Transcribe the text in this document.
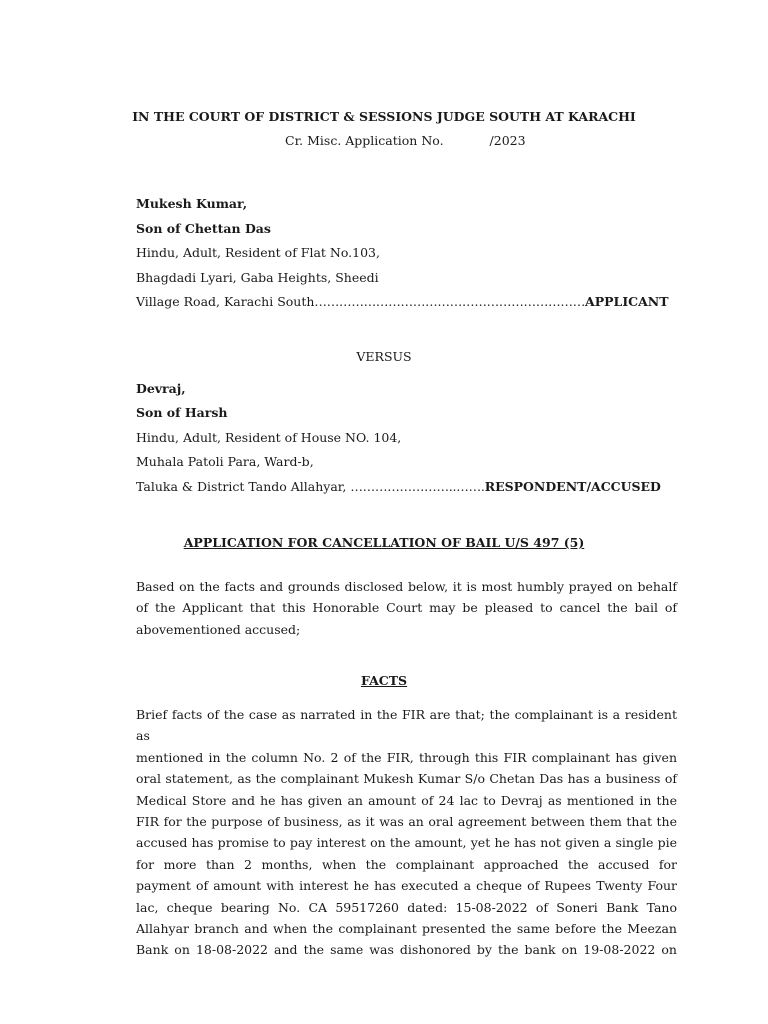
IN THE COURT OF DISTRICT & SESSIONS JUDGE SOUTH AT KARACHI
Cr. Misc. Application No.	/2023
Mukesh Kumar,
Son of Chettan Das
Hindu, Adult, Resident of Flat No.103,
Bhagdadi Lyari, Gaba Heights, Sheedi
Village Road, Karachi South…………………………………………………………APPLICANT
VERSUS
Devraj,
Son of Harsh
Hindu, Adult, Resident of House NO. 104,
Muhala Patoli Para, Ward-b,
Taluka & District Tando Allahyar, ……………………..…….RESPONDENT/ACCUSED
APPLICATION FOR CANCELLATION OF BAIL U/S 497 (5)
Based on the facts and grounds disclosed below, it is most humbly prayed on behalf
of the Applicant that this Honorable Court may be pleased to cancel the bail of
abovementioned accused;
FACTS
Brief facts of the case as narrated in the FIR are that; the complainant is a resident as
mentioned in the column No. 2 of the FIR, through this FIR complainant has given
oral statement, as the complainant Mukesh Kumar S/o Chetan Das has a business of
Medical Store and he has given an amount of 24 lac to Devraj as mentioned in the
FIR for the purpose of business, as it was an oral agreement between them that the
accused has promise to pay interest on the amount, yet he has not given a single pie
for more than 2 months, when the complainant approached the accused for
payment of amount with interest he has executed a cheque of Rupees Twenty Four
lac, cheque bearing No. CA 59517260 dated: 15-08-2022 of Soneri Bank Tano
Allahyar branch and when the complainant presented the same before the Meezan
Bank on 18-08-2022 and the same was dishonored by the bank on 19-08-2022 on
